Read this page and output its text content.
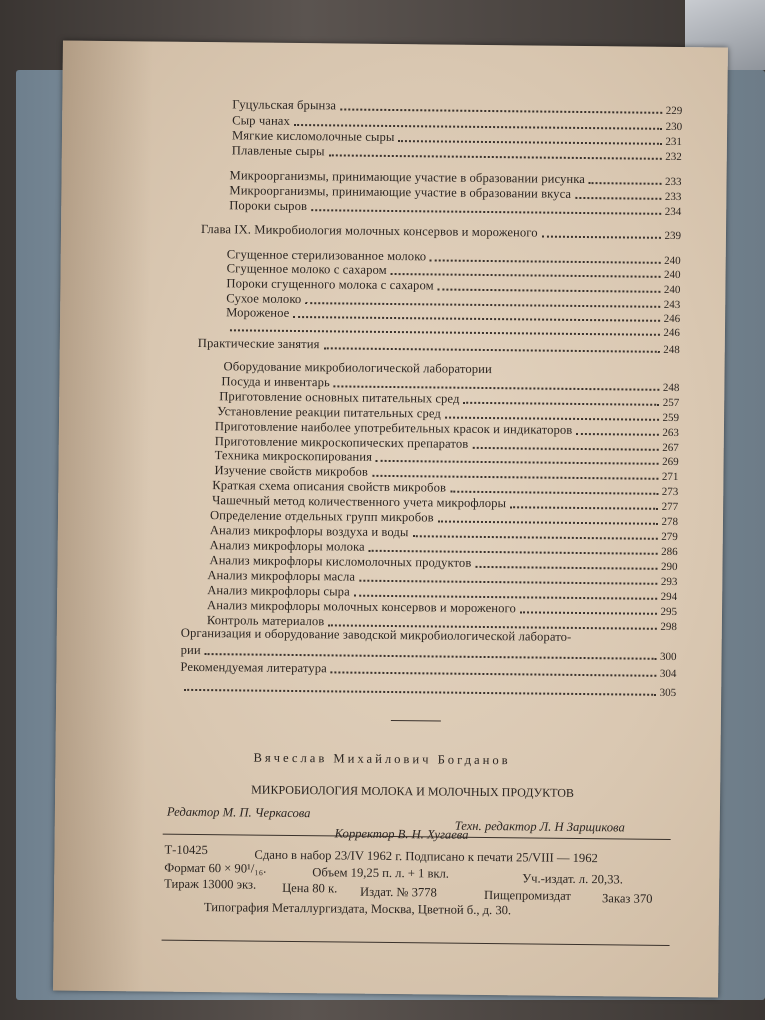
Гуцульская брынза	229
Сыр чанах	230
Мягкие кисломолочные сыры	231
Плавленые сыры	232
Микроорганизмы, принимающие участие в образовании рисунка	233
Микроорганизмы, принимающие участие в образовании вкуса	233
Пороки сыров	234
Глава IX. Микробиология молочных консервов и мороженого	239
Сгущенное стерилизованное молоко	240
Сгущенное молоко с сахаром	240
Пороки сгущенного молока с сахаром	240
Сухое молоко	243
Мороженое	246
246
Практические занятия	248
Оборудование микробиологической лаборатории
Посуда и инвентарь	248
Приготовление основных питательных сред	257
Установление реакции питательных сред	259
Приготовление наиболее употребительных красок и индикаторов	263
Приготовление микроскопических препаратов	267
Техника микроскопирования	269
Изучение свойств микробов	271
Краткая схема описания свойств микробов	273
Чашечный метод количественного учета микрофлоры	277
Определение отдельных групп микробов	278
Анализ микрофлоры воздуха и воды	279
Анализ микрофлоры молока	286
Анализ микрофлоры кисломолочных продуктов	290
Анализ микрофлоры масла	293
Анализ микрофлоры сыра	294
Анализ микрофлоры молочных консервов и мороженого	295
Контроль материалов	298
Организация и оборудование заводской микробиологической лаборато-
рии	300
Рекомендуемая литература	304
305
Вячеслав Михайлович Богданов
МИКРОБИОЛОГИЯ МОЛОКА И МОЛОЧНЫХ ПРОДУКТОВ
Редактор М. П. Черкасова
Техн. редактор Л. Н Зарщикова
Корректор В. Н. Хугаева
Т-10425	Сдано в набор 23/IV 1962 г. Подписано к печати 25/VIII — 1962
Формат 60 × 90¹/₁₆.	Объем 19,25 п. л. + 1 вкл.	Уч.-издат. л. 20,33.
Тираж 13000 экз. Цена 80 к. Издат. № 3778	Пищепромиздат Заказ 370
Типография Металлургиздата, Москва, Цветной б., д. 30.
